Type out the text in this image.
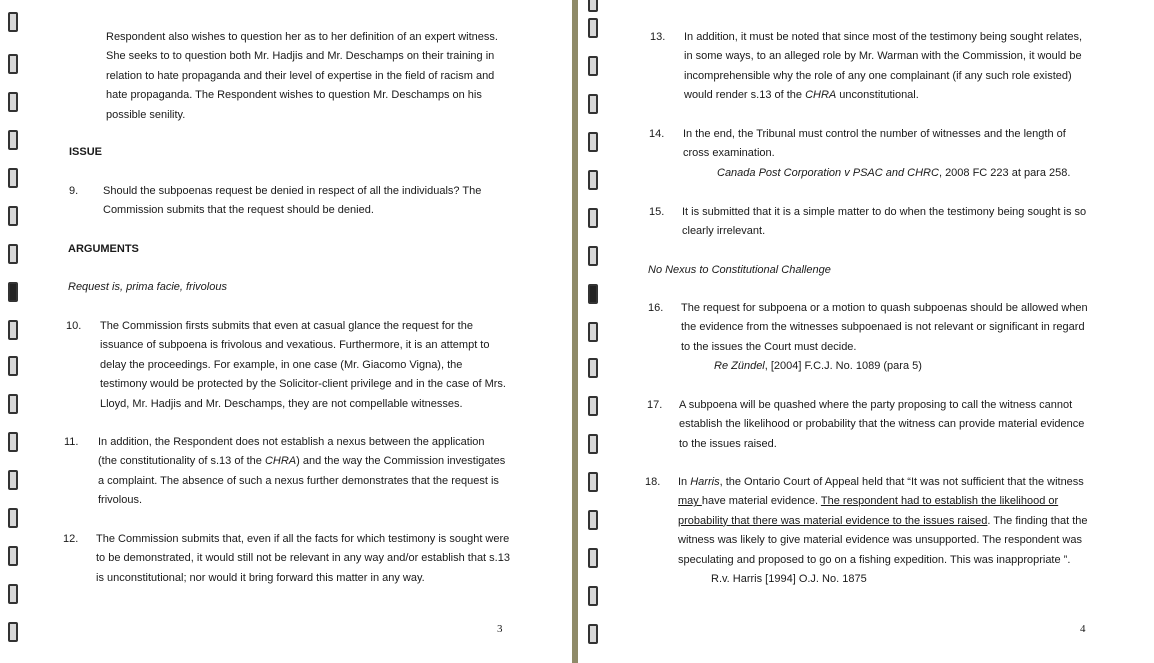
Respondent also wishes to question her as to her definition of an expert witness. She seeks to to question both Mr. Hadjis and Mr. Deschamps on their training in relation to hate propaganda and their level of expertise in the field of racism and hate propaganda. The Respondent wishes to question Mr. Deschamps on his possible senility.
ISSUE
9. Should the subpoenas request be denied in respect of all the individuals? The Commission submits that the request should be denied.
ARGUMENTS
Request is, prima facie, frivolous
10. The Commission firsts submits that even at casual glance the request for the issuance of subpoena is frivolous and vexatious. Furthermore, it is an attempt to delay the proceedings. For example, in one case (Mr. Giacomo Vigna), the testimony would be protected by the Solicitor-client privilege and in the case of Mrs. Lloyd, Mr. Hadjis and Mr. Deschamps, they are not compellable witnesses.
11. In addition, the Respondent does not establish a nexus between the application (the constitutionality of s.13 of the CHRA) and the way the Commission investigates a complaint. The absence of such a nexus further demonstrates that the request is frivolous.
12. The Commission submits that, even if all the facts for which testimony is sought were to be demonstrated, it would still not be relevant in any way and/or establish that s.13 is unconstitutional; nor would it bring forward this matter in any way.
3
13. In addition, it must be noted that since most of the testimony being sought relates, in some ways, to an alleged role by Mr. Warman with the Commission, it would be incomprehensible why the role of any one complainant (if any such role existed) would render s.13 of the CHRA unconstitutional.
14. In the end, the Tribunal must control the number of witnesses and the length of cross examination.
Canada Post Corporation v PSAC and CHRC, 2008 FC 223 at para 258.
15. It is submitted that it is a simple matter to do when the testimony being sought is so clearly irrelevant.
No Nexus to Constitutional Challenge
16. The request for subpoena or a motion to quash subpoenas should be allowed when the evidence from the witnesses subpoenaed is not relevant or significant in regard to the issues the Court must decide.
Re Zündel, [2004] F.C.J. No. 1089 (para 5)
17. A subpoena will be quashed where the party proposing to call the witness cannot establish the likelihood or probability that the witness can provide material evidence to the issues raised.
18. In Harris, the Ontario Court of Appeal held that “It was not sufficient that the witness may have material evidence. The respondent had to establish the likelihood or probability that there was material evidence to the issues raised. The finding that the witness was likely to give material evidence was unsupported. The respondent was speculating and proposed to go on a fishing expedition. This was inappropriate ”.
R.v. Harris [1994] O.J. No. 1875
4
